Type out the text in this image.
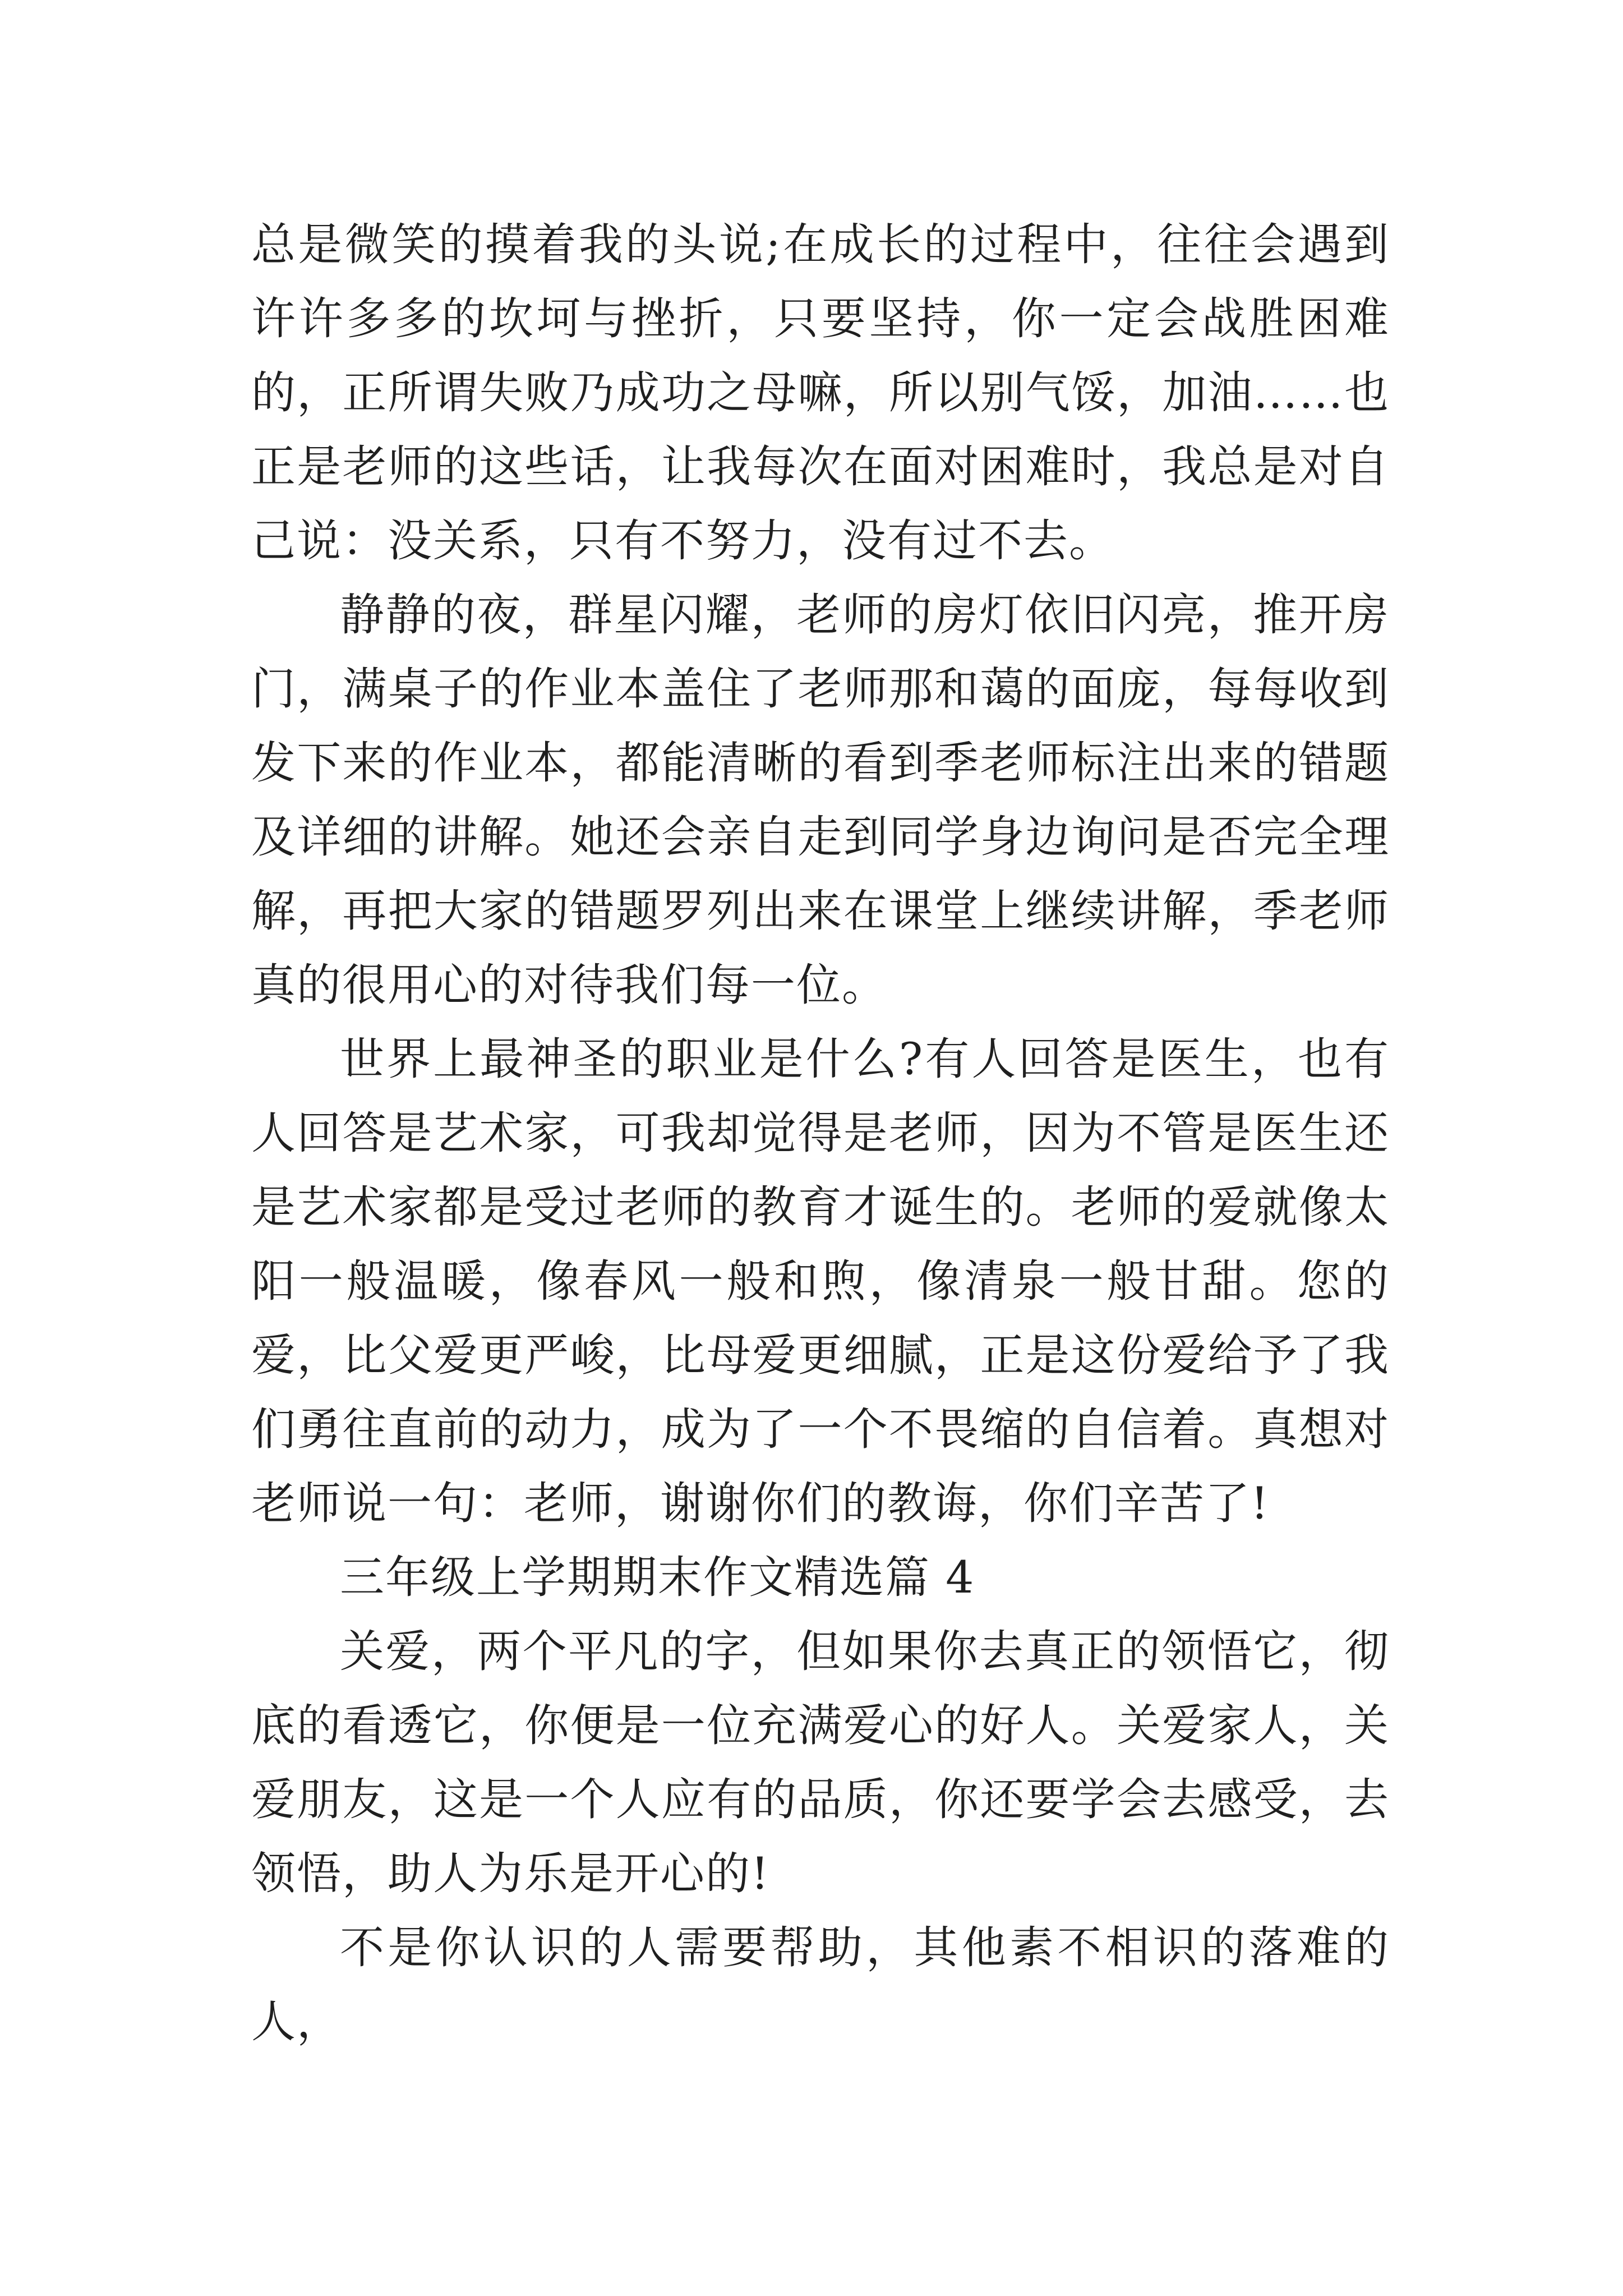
总是微笑的摸着我的头说;在成长的过程中，往往会遇到许许多多的坎坷与挫折，只要坚持，你一定会战胜困难的，正所谓失败乃成功之母嘛，所以别气馁，加油……也正是老师的这些话，让我每次在面对困难时，我总是对自己说：没关系，只有不努力，没有过不去。

静静的夜，群星闪耀，老师的房灯依旧闪亮，推开房门，满桌子的作业本盖住了老师那和蔼的面庞，每每收到发下来的作业本，都能清晰的看到季老师标注出来的错题及详细的讲解。她还会亲自走到同学身边询问是否完全理解，再把大家的错题罗列出来在课堂上继续讲解，季老师真的很用心的对待我们每一位。

世界上最神圣的职业是什么?有人回答是医生，也有人回答是艺术家，可我却觉得是老师，因为不管是医生还是艺术家都是受过老师的教育才诞生的。老师的爱就像太阳一般温暖，像春风一般和煦，像清泉一般甘甜。您的爱，比父爱更严峻，比母爱更细腻，正是这份爱给予了我们勇往直前的动力，成为了一个不畏缩的自信着。真想对老师说一句：老师，谢谢你们的教诲，你们辛苦了!

三年级上学期期末作文精选篇 4

关爱，两个平凡的字，但如果你去真正的领悟它，彻底的看透它，你便是一位充满爱心的好人。关爱家人，关爱朋友，这是一个人应有的品质，你还要学会去感受，去领悟，助人为乐是开心的!

不是你认识的人需要帮助，其他素不相识的落难的人，
